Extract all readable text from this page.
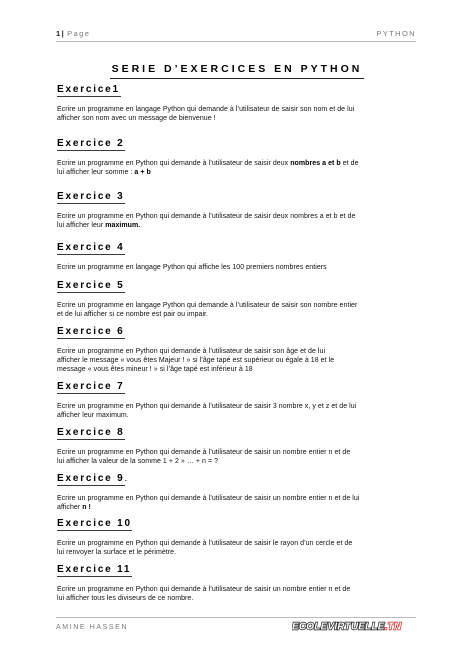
1| Page	PYTHON
SERIE D’EXERCICES EN PYTHON
Exercice1

Ecrire un programme en langage Python qui demande à l’utilisateur de saisir son nom et de lui
afficher son nom avec un message de bienvenue !

Exercice 2

Ecrire un programme en Python qui demande à l’utilisateur de saisir deux nombres a et b et de
lui afficher leur somme : a + b

Exercice 3

Ecrire un programme en Python qui demande à l’utilisateur de saisir deux nombres a et b et de
lui afficher leur maximum.

Exercice 4

Ecrire un programme en langage Python qui affiche les 100 premiers nombres entiers

Exercice 5

Ecrire un programme en langage Python qui demande à l’utilisateur de saisir son nombre entier
et de lui afficher si ce nombre est pair ou impair.

Exercice 6

Ecrire un programme en Python qui demande à l’utilisateur de saisir son âge et de lui
afficher le message « vous êtes Majeur ! » si l’âge tapé est supérieur ou égale à 18 et le
message « vous êtes mineur ! » si l’âge tapé est inférieur à 18

Exercice 7

Ecrire un programme en Python qui demande à l’utilisateur de saisir 3 nombre x, y et z et de lui
afficher leur maximum.

Exercice 8

Ecrire un programme en Python qui demande à l’utilisateur de saisir un nombre entier n et de
lui afficher la valeur de la somme 1 + 2 » … + n = ?

Exercice 9.

Ecrire un programme en Python qui demande à l’utilisateur de saisir un nombre entier n et de lui
afficher n !

Exercice 10

Ecrire un programme en Python qui demande à l’utilisateur de saisir le rayon d’un cercle et de
lui renvoyer la surface et le périmètre.

Exercice 11

Ecrire un programme en Python qui demande à l’utilisateur de saisir un nombre entier n et de
lui afficher tous les diviseurs de ce nombre.

AMINE HASSEN	ECOLEVIRTUELLE.TN
